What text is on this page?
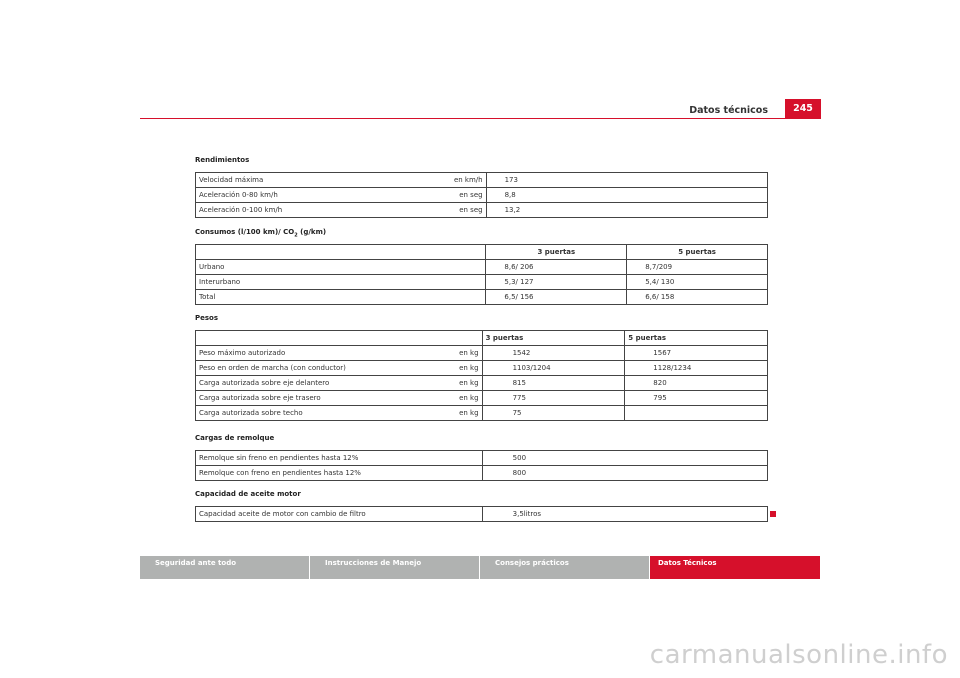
Datos técnicos	245
Rendimientos
Velocidad máxima en km/h	173

Aceleración 0-80 km/h en seg	8,8

Aceleración 0-100 km/h en seg	13,2
Consumos (l/100 km)/ $CO_2$ (g/km)
	3 puertas	5 puertas
Urbano	8,6/ 206	8,7/209
Interurbano	5,3/ 127	5,4/ 130
Total	6,5/ 156	6,6/ 158
Pesos
	3 puertas	5 puertas

Peso máximo autorizado en kg	1542	1567

Peso en orden de marcha (con conductor) en kg	1103/1204	1128/1234

Carga autorizada sobre eje delantero en kg	815	820

Carga autorizada sobre eje trasero en kg	775	795

Carga autorizada sobre techo en kg	75	
Cargas de remolque
Remolque sin freno en pendientes hasta 12%	500
Remolque con freno en pendientes hasta 12%	800
Capacidad de aceite motor
Capacidad aceite de motor con cambio de filtro	3,5litros
Seguridad ante todo	Instrucciones de Manejo	Consejos prácticos	Datos Técnicos
carmanualsonline.info
